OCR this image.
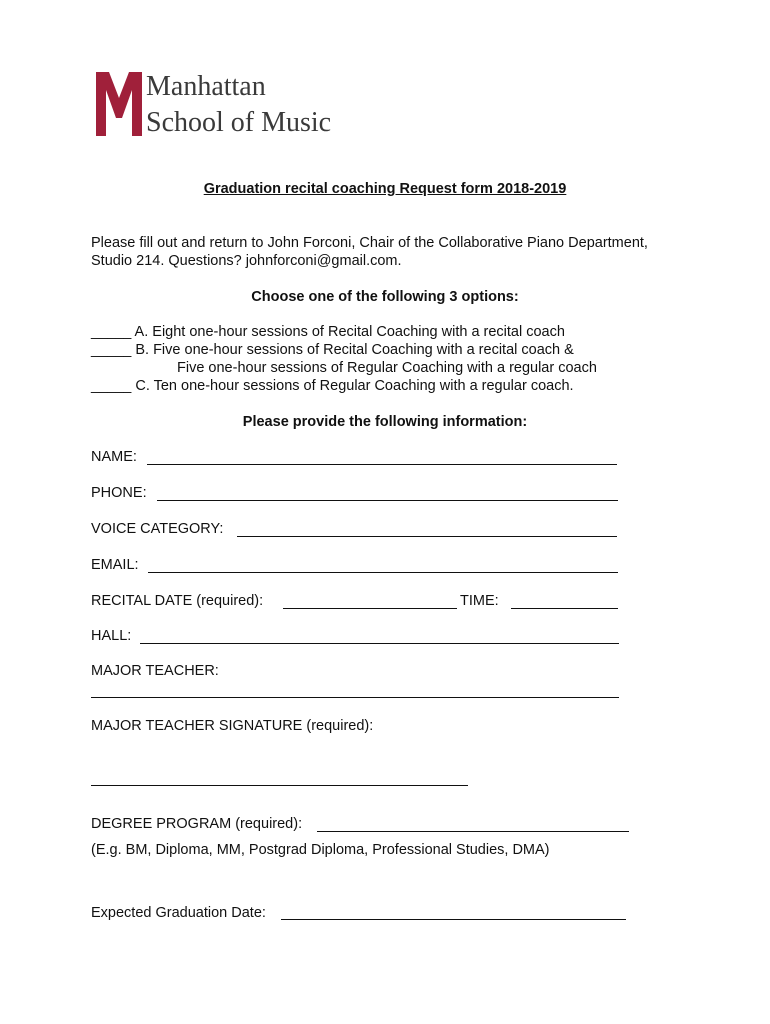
Manhattan
School of Music
Graduation recital coaching Request form 2018-2019
Please fill out and return to John Forconi, Chair of the Collaborative Piano Department,
Studio 214. Questions? johnforconi@gmail.com.
Choose one of the following 3 options:
_____ A. Eight one-hour sessions of Recital Coaching with a recital coach
_____ B. Five one-hour sessions of Recital Coaching with a recital coach &
Five one-hour sessions of Regular Coaching with a regular coach
_____ C. Ten one-hour sessions of Regular Coaching with a regular coach.
Please provide the following information:
NAME:
PHONE:
VOICE CATEGORY:
EMAIL:
RECITAL DATE (required):	TIME:
HALL:
MAJOR TEACHER:
MAJOR TEACHER SIGNATURE (required):
DEGREE PROGRAM (required):
(E.g. BM, Diploma, MM, Postgrad Diploma, Professional Studies, DMA)
Expected Graduation Date:
